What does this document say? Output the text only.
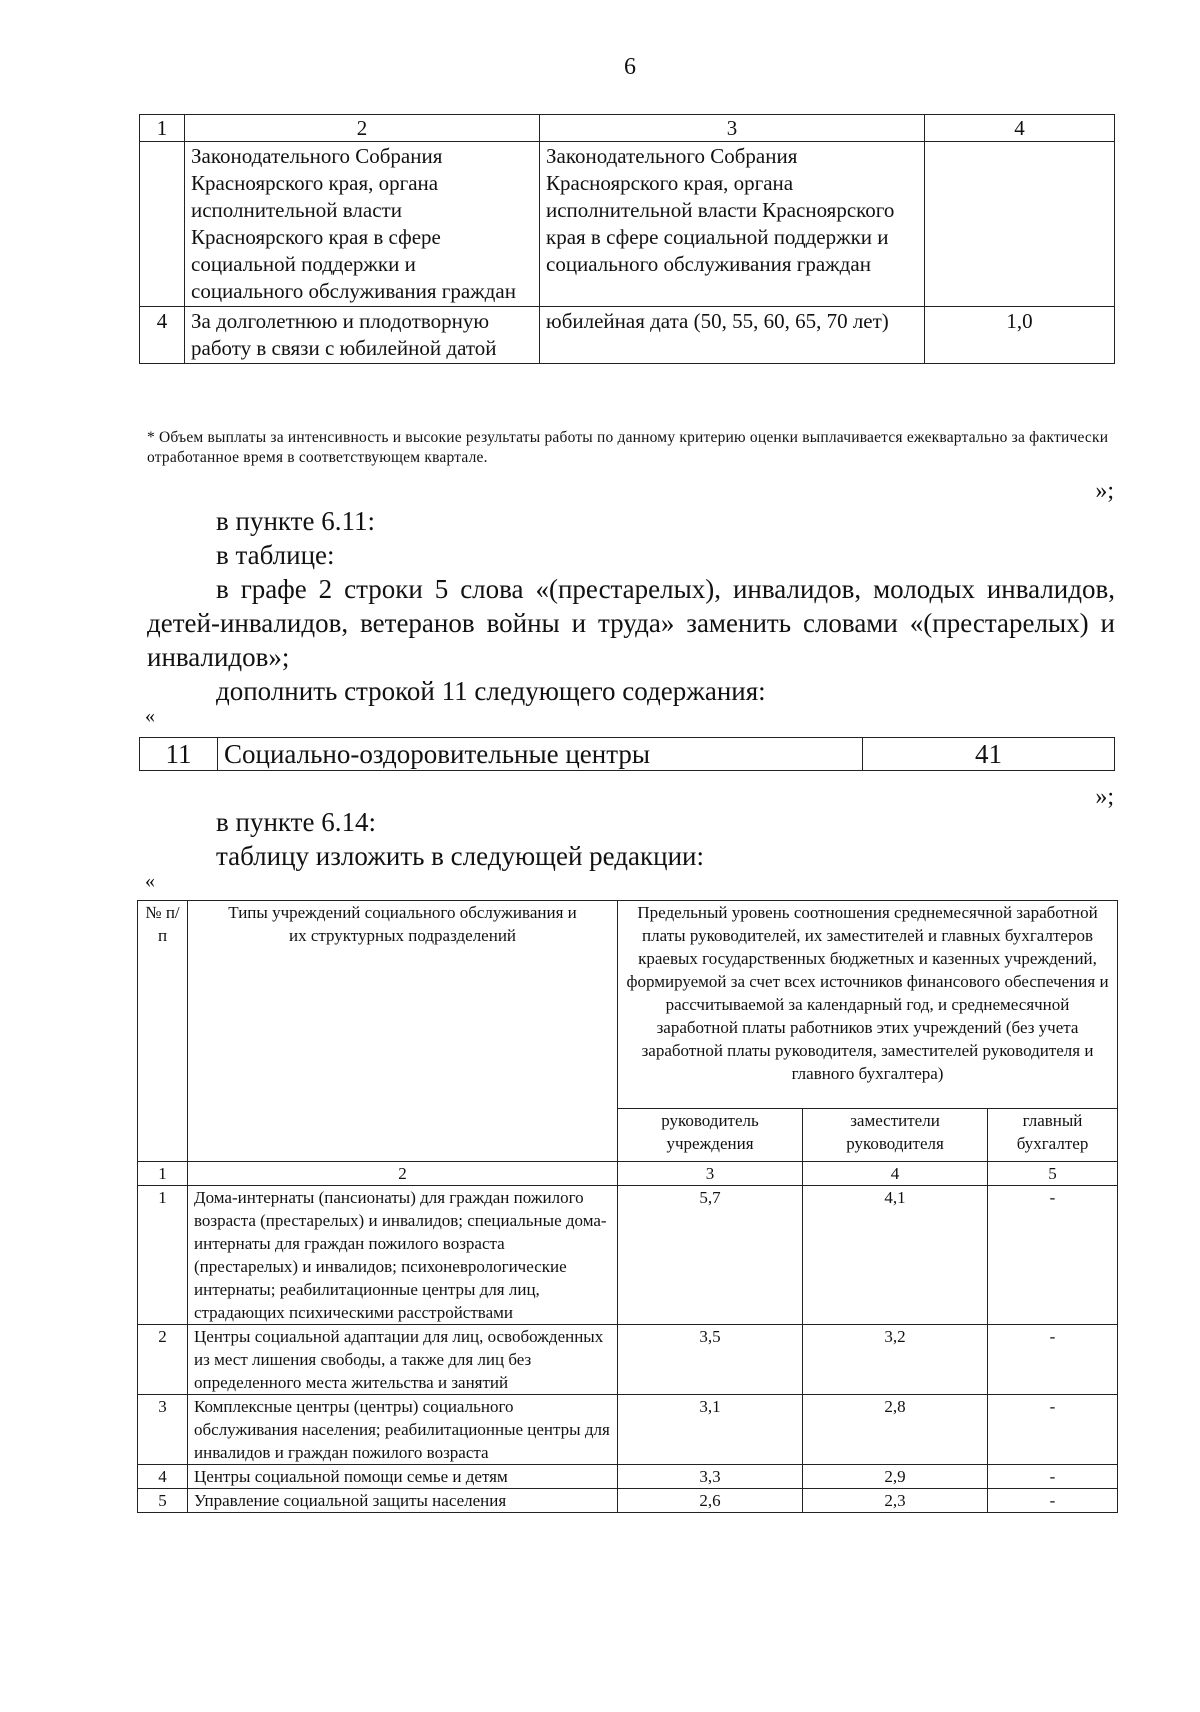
6
1	2	3	4
	Законодательного Собрания Красноярского края, органа исполнительной власти Красноярского края в сфере социальной поддержки и социального обслуживания граждан	Законодательного Собрания Красноярского края, органа исполнительной власти Красноярского края в сфере социальной поддержки и социального обслуживания граждан	
4	За долголетнюю и плодотворную работу в связи с юбилейной датой	юбилейная дата (50, 55, 60, 65, 70 лет)	1,0
* Объем выплаты за интенсивность и высокие результаты работы по данному критерию оценки выплачивается ежеквартально за фактически отработанное время в соответствующем квартале.
»;
в пункте 6.11:
в таблице:
в графе 2 строки 5 слова «(престарелых), инвалидов, молодых инвалидов, детей-инвалидов, ветеранов войны и труда» заменить словами «(престарелых) и инвалидов»;
дополнить строкой 11 следующего содержания:
«
11	Социально-оздоровительные центры	41
»;
в пункте 6.14:
таблицу изложить в следующей редакции:
«
№ п/п	Типы учреждений социального обслуживания и их структурных подразделений	Предельный уровень соотношения среднемесячной заработной платы руководителей, их заместителей и главных бухгалтеров краевых государственных бюджетных и казенных учреждений, формируемой за счет всех источников финансового обеспечения и рассчитываемой за календарный год, и среднемесячной заработной платы работников этих учреждений (без учета заработной платы руководителя, заместителей руководителя и главного бухгалтера)		
		руководитель учреждения	заместители руководителя	главный бухгалтер
1	2	3	4	5
1	Дома-интернаты (пансионаты) для граждан пожилого возраста (престарелых) и инвалидов; специальные дома-интернаты для граждан пожилого возраста (престарелых) и инвалидов; психоневрологические интернаты; реабилитационные центры для лиц, страдающих психическими расстройствами	5,7	4,1	-
2	Центры социальной адаптации для лиц, освобожденных из мест лишения свободы, а также для лиц без определенного места жительства и занятий	3,5	3,2	-
3	Комплексные центры (центры) социального обслуживания населения; реабилитационные центры для инвалидов и граждан пожилого возраста	3,1	2,8	-
4	Центры социальной помощи семье и детям	3,3	2,9	-
5	Управление социальной защиты населения	2,6	2,3	-
